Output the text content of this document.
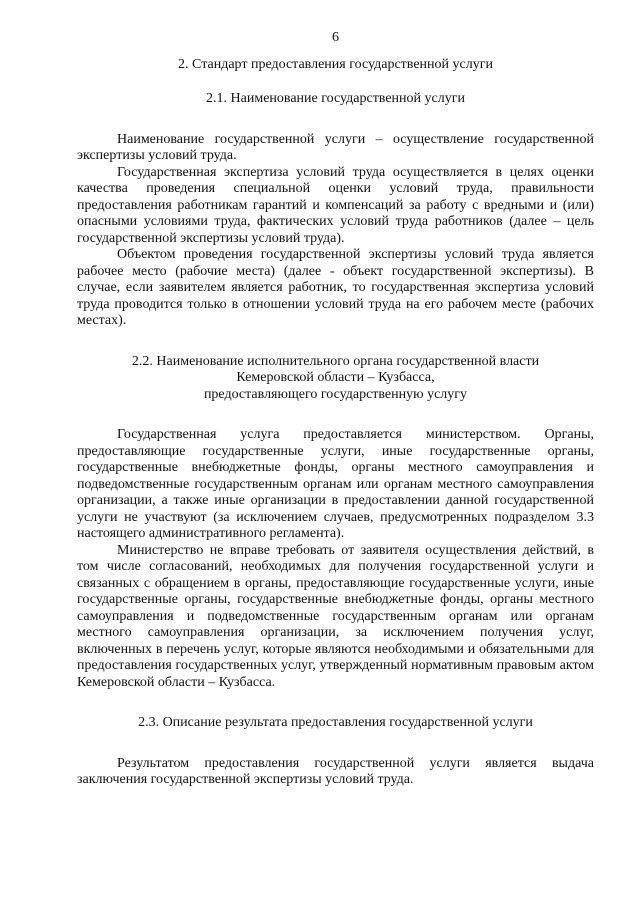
6
2. Стандарт предоставления государственной услуги
2.1. Наименование государственной услуги

Наименование государственной услуги – осуществление государственной экспертизы условий труда.

Государственная экспертиза условий труда осуществляется в целях оценки качества проведения специальной оценки условий труда, правильности предоставления работникам гарантий и компенсаций за работу с вредными и (или) опасными условиями труда, фактических условий труда работников (далее – цель государственной экспертизы условий труда).

Объектом проведения государственной экспертизы условий труда является рабочее место (рабочие места) (далее - объект государственной экспертизы). В случае, если заявителем является работник, то государственная экспертиза условий труда проводится только в отношении условий труда на его рабочем месте (рабочих местах).

2.2. Наименование исполнительного органа государственной власти
Кемеровской области – Кузбасса,
предоставляющего государственную услугу

Государственная услуга предоставляется министерством. Органы, предоставляющие государственные услуги, иные государственные органы, государственные внебюджетные фонды, органы местного самоуправления и подведомственные государственным органам или органам местного самоуправления организации, а также иные организации в предоставлении данной государственной услуги не участвуют (за исключением случаев, предусмотренных подразделом 3.3 настоящего административного регламента).

Министерство не вправе требовать от заявителя осуществления действий, в том числе согласований, необходимых для получения государственной услуги и связанных с обращением в органы, предоставляющие государственные услуги, иные государственные органы, государственные внебюджетные фонды, органы местного самоуправления и подведомственные государственным органам или органам местного самоуправления организации, за исключением получения услуг, включенных в перечень услуг, которые являются необходимыми и обязательными для предоставления государственных услуг, утвержденный нормативным правовым актом Кемеровской области – Кузбасса.

2.3. Описание результата предоставления государственной услуги

Результатом предоставления государственной услуги является выдача заключения государственной экспертизы условий труда.
